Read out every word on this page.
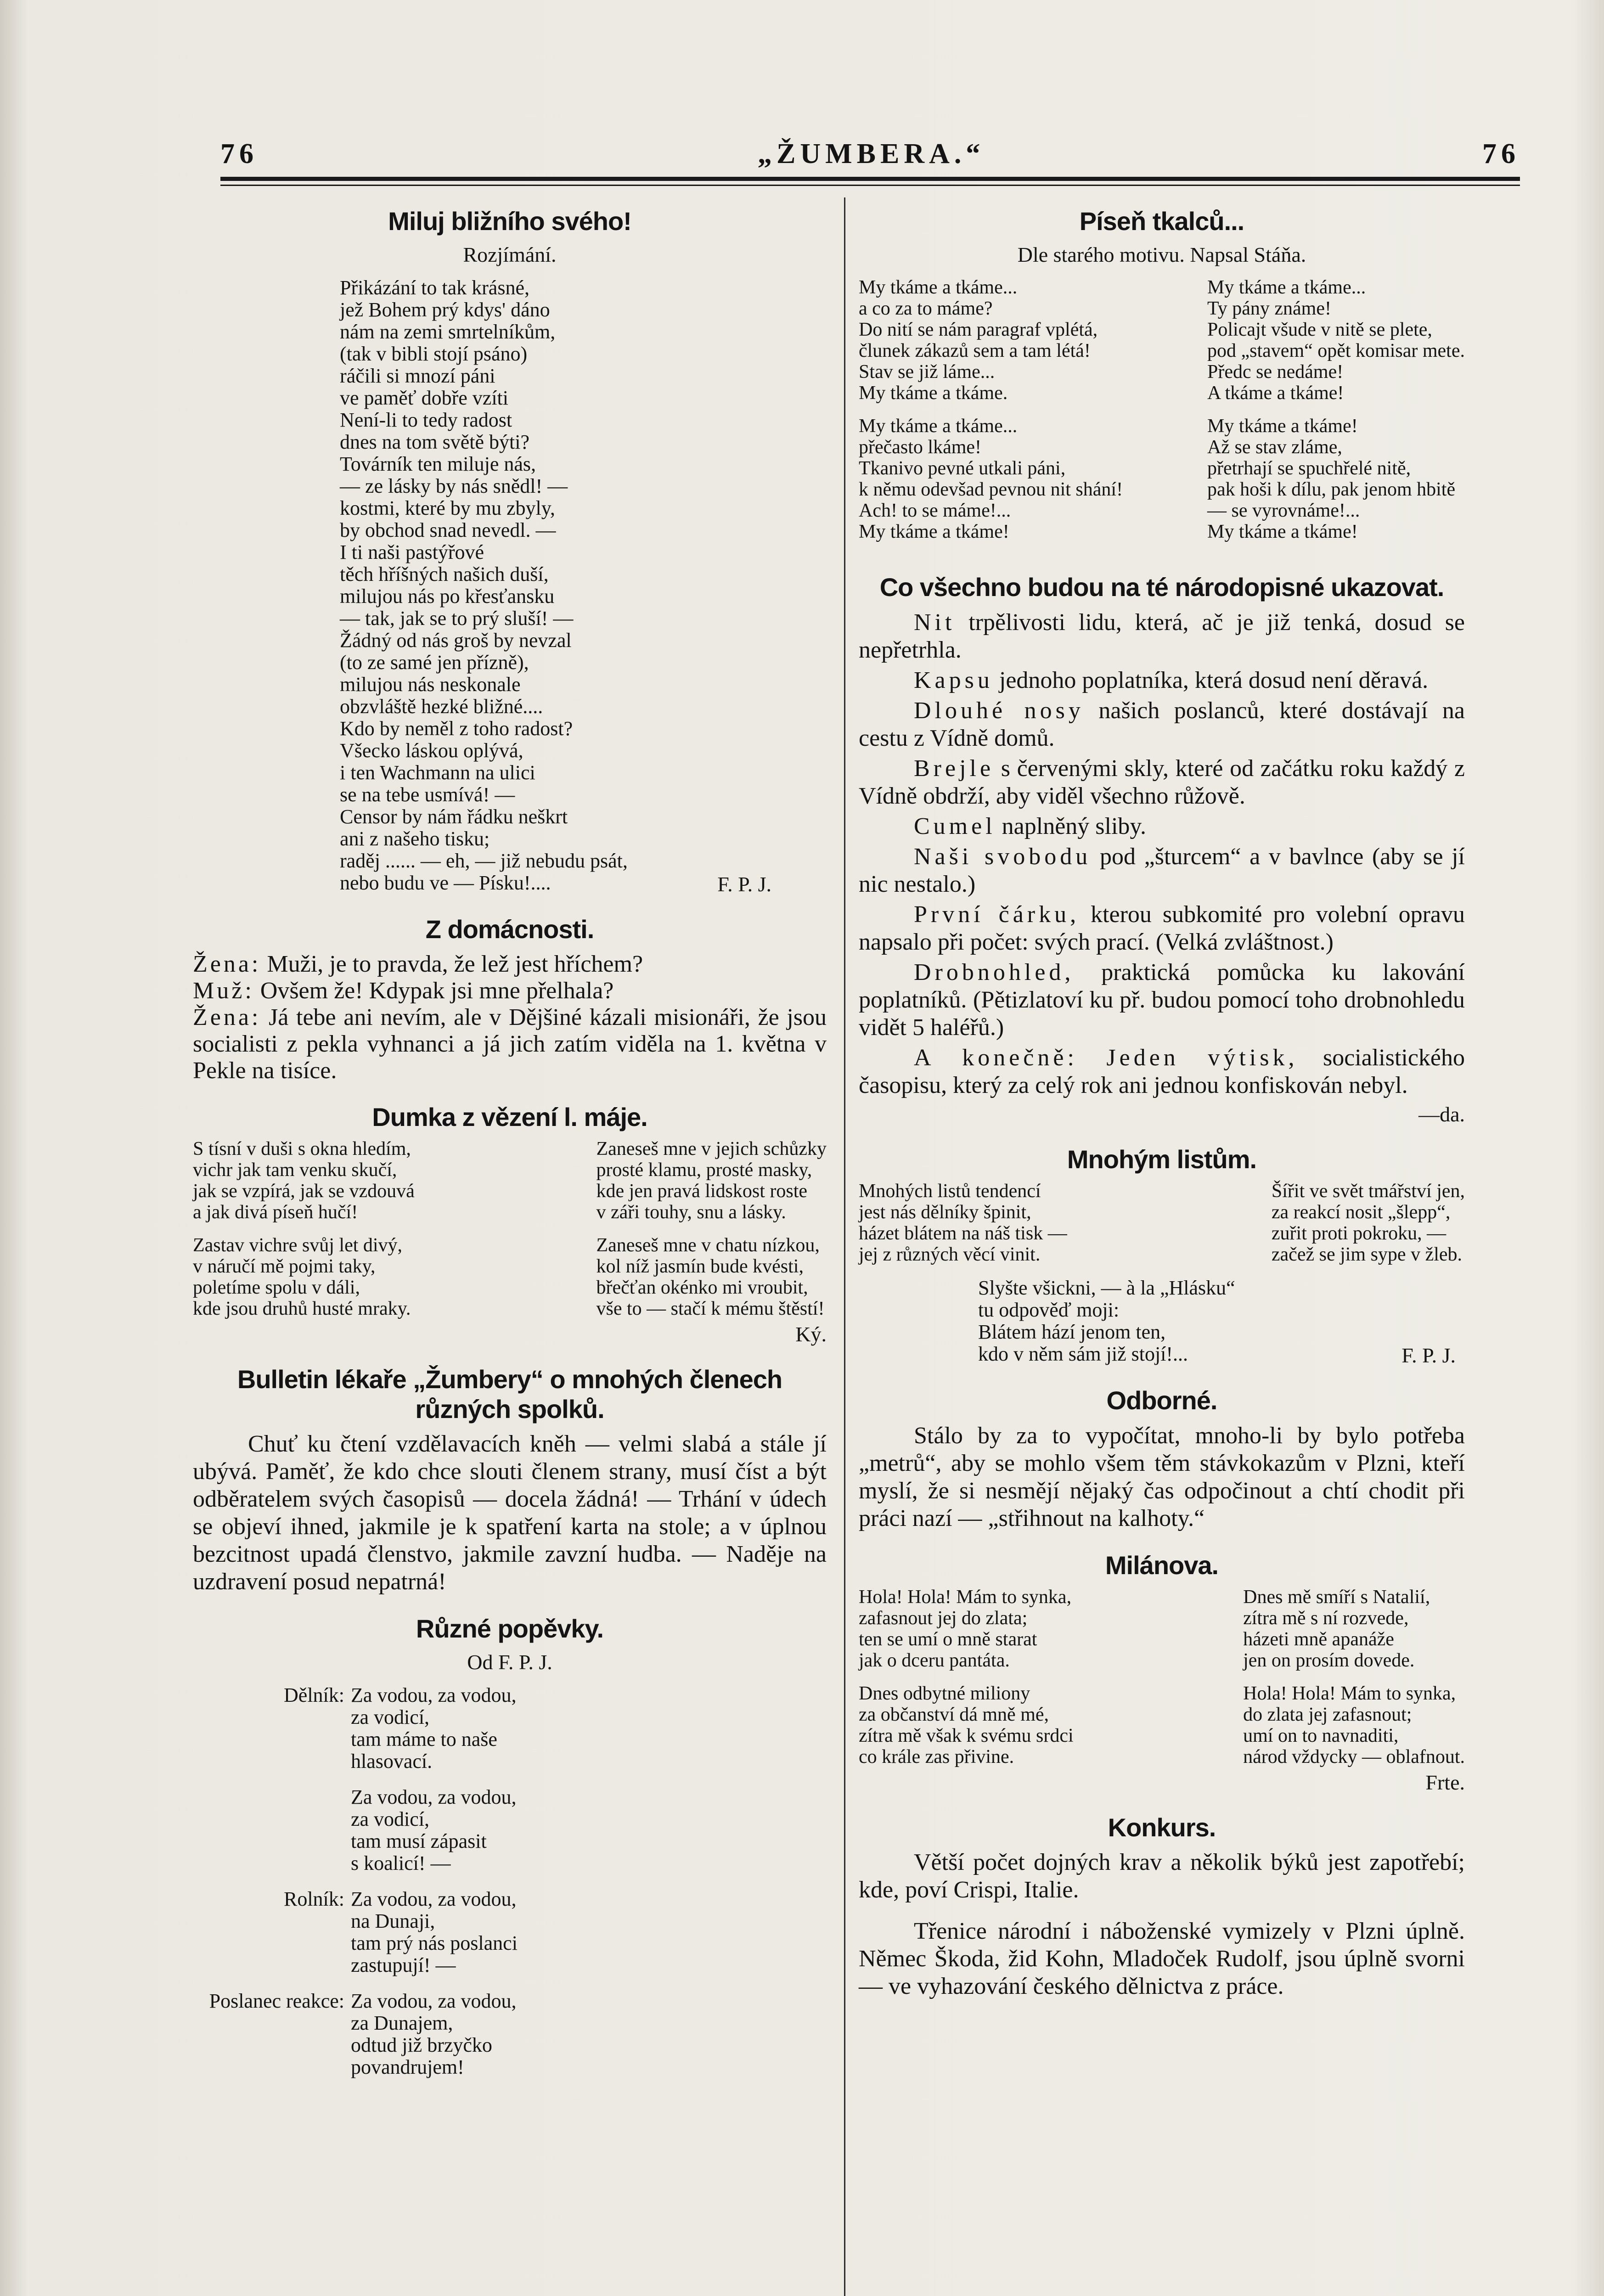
76	„ŽUMBERA.“	76
Miluj bližního svého!
Rozjímání.
Přikázání to tak krásné,
jež Bohem prý kdys' dáno
nám na zemi smrtelníkům,
(tak v bibli stojí psáno)
ráčili si mnozí páni
ve paměť dobře vzíti
Není-li to tedy radost
dnes na tom světě býti?
Továrník ten miluje nás,
— ze lásky by nás snědl! —
kostmi, které by mu zbyly,
by obchod snad nevedl. —
I ti naši pastýřové
těch hříšných našich duší,
milujou nás po křesťansku
— tak, jak se to prý sluší! —
Žádný od nás groš by nevzal
(to ze samé jen přízně),
milujou nás neskonale
obzvláště hezké bližné....
Kdo by neměl z toho radost?
Všecko láskou oplývá,
i ten Wachmann na ulici
se na tebe usmívá! —
Censor by nám řádku neškrt
ani z našeho tisku;
raděj ...... — eh, — již nebudu psát,
nebo budu ve — Písku!....	F. P. J.
Z domácnosti.
Žena: Muži, je to pravda, že lež jest hříchem?
Muž: Ovšem že! Kdypak jsi mne přelhala?
Žena: Já tebe ani nevím, ale v Dějšiné kázali misionáři, že jsou socialisti z pekla vyhnanci a já jich zatím viděla na 1. května v Pekle na tisíce.
Dumka z vězení l. máje.
S tísní v duši s okna hledím,
vichr jak tam venku skučí,
jak se vzpírá, jak se vzdouvá
a jak divá píseň hučí!
Zastav vichre svůj let divý,
v náručí mě pojmi taky,
poletíme spolu v dáli,
kde jsou druhů husté mraky.
Zaneseš mne v jejich schůzky
prosté klamu, prosté masky,
kde jen pravá lidskost roste
v záři touhy, snu a lásky.
Zaneseš mne v chatu nízkou,
kol níž jasmín bude kvésti,
břečťan okénko mi vroubit,
vše to — stačí k mému štěstí!
Ký.
Bulletin lékaře „Žumbery“ o mnohých členech různých spolků.

Chuť ku čtení vzdělavacích kněh — velmi slabá a stále jí ubývá. Paměť, že kdo chce slouti členem strany, musí číst a být odběratelem svých časopisů — docela žádná! — Trhání v údech se objeví ihned, jakmile je k spatření karta na stole; a v úplnou bezcitnost upadá členstvo, jakmile zavzní hudba. — Naděje na uzdravení posud nepatrná!

Různé popěvky.
Od F. P. J.
Dělník: Za vodou, za vodou,
za vodicí,
tam máme to naše
hlasovací.
Za vodou, za vodou,
za vodicí,
tam musí zápasit
s koalicí! —
Rolník: Za vodou, za vodou,
na Dunaji,
tam prý nás poslanci
zastupují! —
Poslanec reakce: Za vodou, za vodou,
za Dunajem,
odtud již brzyčko
povandrujem!
Píseň tkalců...
Dle starého motivu. Napsal Stáňa.
My tkáme a tkáme...
a co za to máme?
Do nití se nám paragraf vplétá,
člunek zákazů sem a tam létá!
Stav se již láme...
My tkáme a tkáme.
My tkáme a tkáme...
přečasto lkáme!
Tkanivo pevné utkali páni,
k němu odevšad pevnou nit shání!
Ach! to se máme!...
My tkáme a tkáme!
My tkáme a tkáme...
Ty pány známe!
Policajt všude v nitě se plete,
pod „stavem“ opět komisar mete.
Předc se nedáme!
A tkáme a tkáme!
My tkáme a tkáme!
Až se stav zláme,
přetrhají se spuchřelé nitě,
pak hoši k dílu, pak jenom hbitě
— se vyrovnáme!...
My tkáme a tkáme!
Co všechno budou na té národopisné ukazovat.

Nit trpělivosti lidu, která, ač je již tenká, dosud se nepřetrhla.

Kapsu jednoho poplatníka, která dosud není děravá.

Dlouhé nosy našich poslanců, které dostávají na cestu z Vídně domů.

Brejle s červenými skly, které od začátku roku každý z Vídně obdrží, aby viděl všechno růžově.

Cumel naplněný sliby.

Naši svobodu pod „šturcem“ a v bavlnce (aby se jí nic nestalo.)

První čárku, kterou subkomité pro volební opravu napsalo při počet: svých prací. (Velká zvláštnost.)

Drobnohled, praktická pomůcka ku lakování poplatníků. (Pětizlatoví ku př. budou pomocí toho drobnohledu vidět 5 haléřů.)

A konečně: Jeden výtisk, socialistického časopisu, který za celý rok ani jednou konfiskován nebyl.

—da.
Mnohým listům.
Mnohých listů tendencí
jest nás dělníky špinit,
házet blátem na náš tisk —
jej z různých věcí vinit.
Šířit ve svět tmářství jen,
za reakcí nosit „šlepp“,
zuřit proti pokroku, —
začež se jim sype v žleb.
Slyšte všickni, — à la „Hlásku“
tu odpověď moji:
Blátem hází jenom ten,
kdo v něm sám již stojí!...	F. P. J.
Odborné.

Stálo by za to vypočítat, mnoho-li by bylo potřeba „metrů“, aby se mohlo všem těm stávkokazům v Plzni, kteří myslí, že si nesmějí nějaký čas odpočinout a chtí chodit při práci nazí — „střihnout na kalhoty.“

Milánova.
Hola! Hola! Mám to synka,
zafasnout jej do zlata;
ten se umí o mně starat
jak o dceru pantáta.
Dnes odbytné miliony
za občanství dá mně mé,
zítra mě však k svému srdci
co krále zas přivine.
Dnes mě smíří s Natalií,
zítra mě s ní rozvede,
házeti mně apanáže
jen on prosím dovede.
Hola! Hola! Mám to synka,
do zlata jej zafasnout;
umí on to navnaditi,
národ vždycky — oblafnout.
Frte.
Konkurs.

Větší počet dojných krav a několik býků jest zapotřebí; kde, poví Crispi, Italie.

Třenice národní i náboženské vymizely v Plzni úplně. Němec Škoda, žid Kohn, Mladoček Rudolf, jsou úplně svorni — ve vyhazování českého dělnictva z práce.
